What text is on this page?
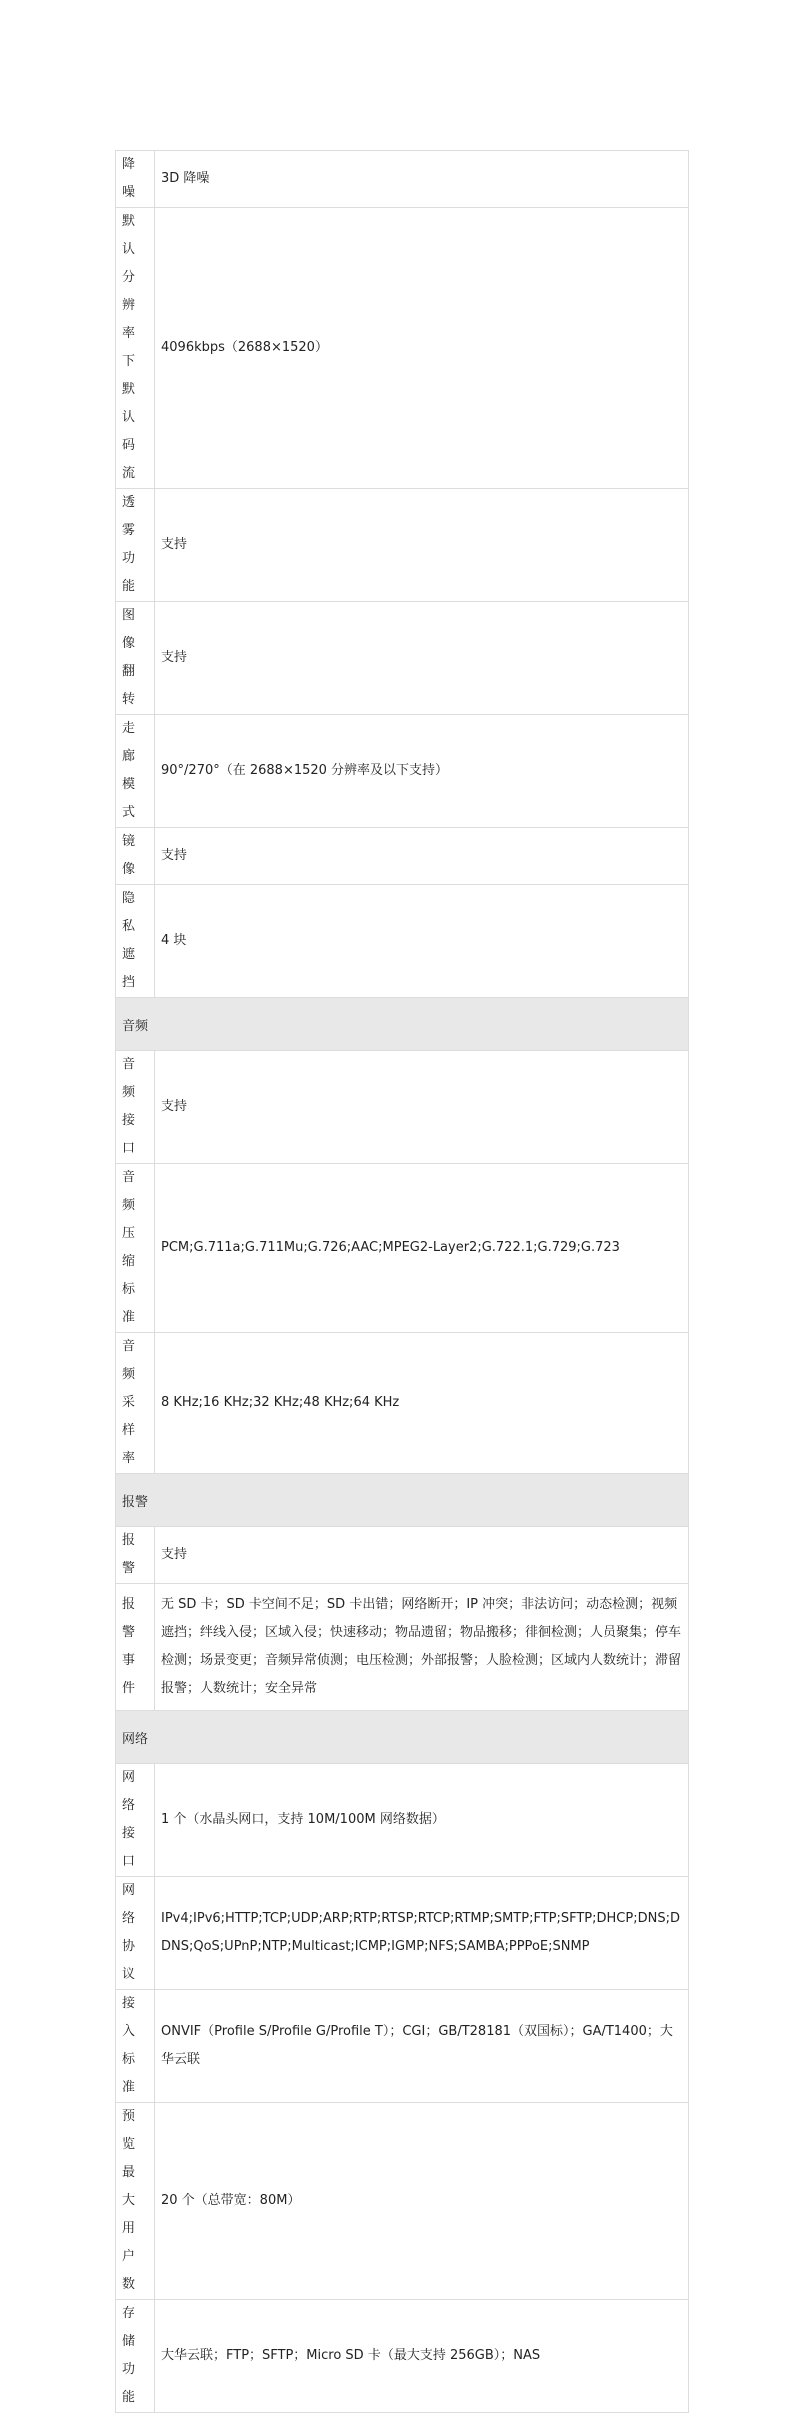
降噪	3D 降噪
默认分辨率下默认码流	4096kbps（2688×1520）
透雾功能	支持
图像翻转	支持
走廊模式	90°/270°（在 2688×1520 分辨率及以下支持）
镜像	支持
隐私遮挡	4 块
音频	
音频接口	支持
音频压缩标准	PCM;G.711a;G.711Mu;G.726;AAC;MPEG2-Layer2;G.722.1;G.729;G.723
音频采样率	8 KHz;16 KHz;32 KHz;48 KHz;64 KHz
报警	
报警	支持
报警事件	无 SD 卡；SD 卡空间不足；SD 卡出错；网络断开；IP 冲突；非法访问；动态检测；视频遮挡；绊线入侵；区域入侵；快速移动；物品遗留；物品搬移；徘徊检测；人员聚集；停车检测；场景变更；音频异常侦测；电压检测；外部报警；人脸检测；区域内人数统计；滞留报警；人数统计；安全异常
网络	
网络接口	1 个（水晶头网口，支持 10M/100M 网络数据）
网络协议	IPv4;IPv6;HTTP;TCP;UDP;ARP;RTP;RTSP;RTCP;RTMP;SMTP;FTP;SFTP;DHCP;DNS;DDNS;QoS;UPnP;NTP;Multicast;ICMP;IGMP;NFS;SAMBA;PPPoE;SNMP
接入标准	ONVIF（Profile S/Profile G/Profile T）；CGI；GB/T28181（双国标）；GA/T1400；大华云联
预览最大用户数	20 个（总带宽：80M）
存储功能	大华云联；FTP；SFTP；Micro SD 卡（最大支持 256GB）；NAS
